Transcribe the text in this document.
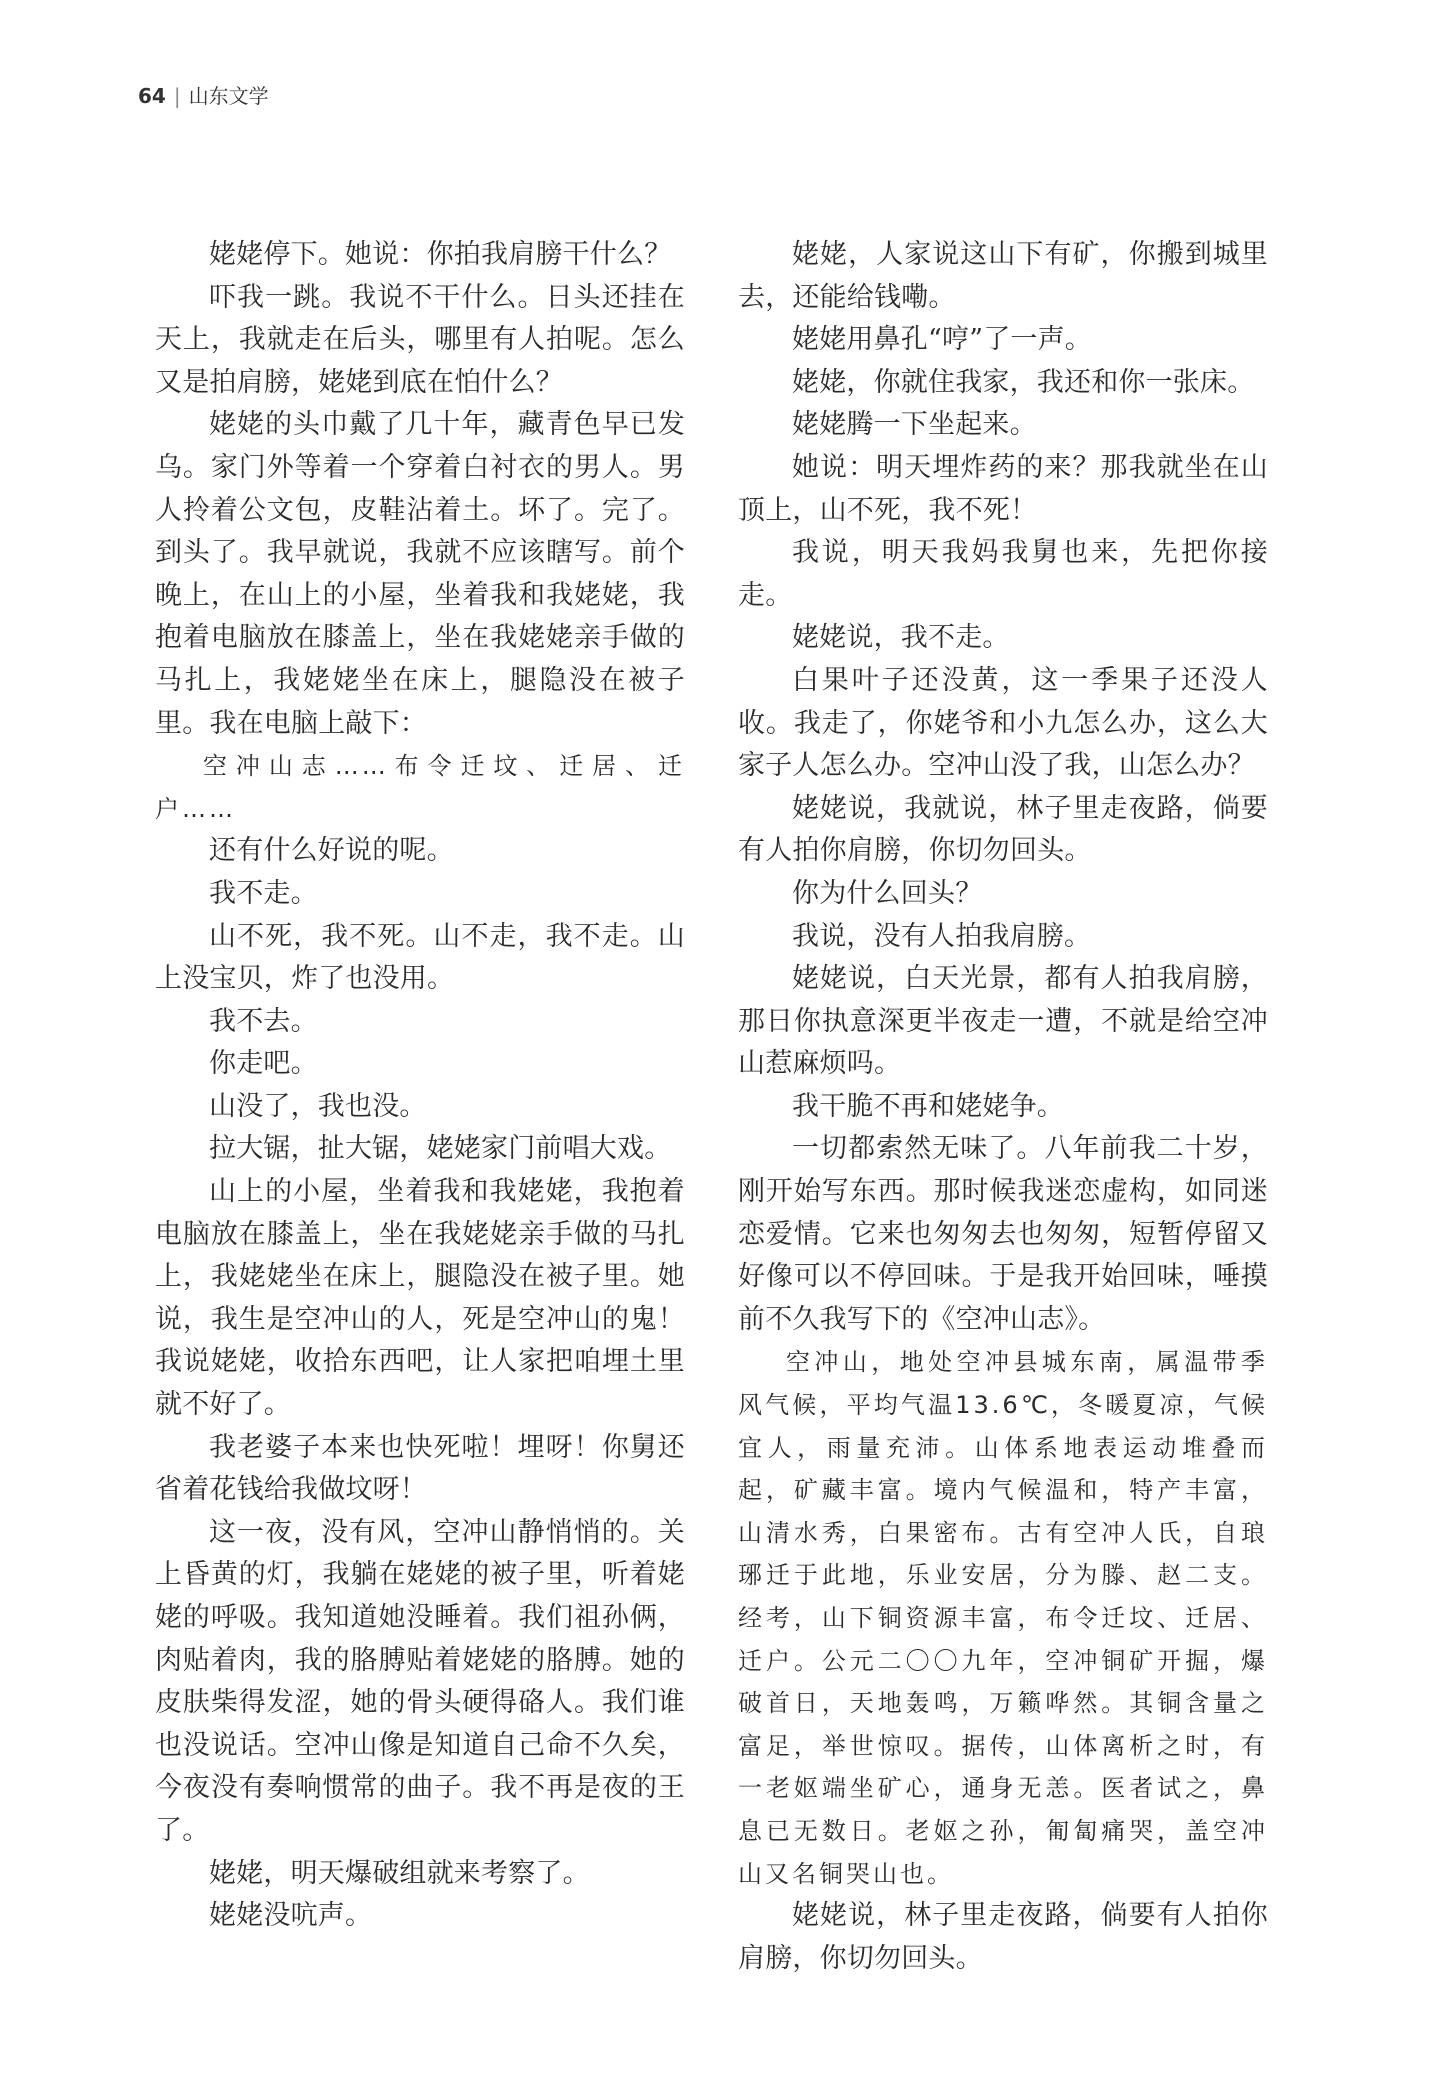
64 | 山东文学

姥姥停下。她说：你拍我肩膀干什么？

吓我一跳。我说不干什么。日头还挂在天上，我就走在后头，哪里有人拍呢。怎么又是拍肩膀，姥姥到底在怕什么？

姥姥的头巾戴了几十年，藏青色早已发乌。家门外等着一个穿着白衬衣的男人。男人拎着公文包，皮鞋沾着土。坏了。完了。到头了。我早就说，我就不应该瞎写。前个晚上，在山上的小屋，坐着我和我姥姥，我抱着电脑放在膝盖上，坐在我姥姥亲手做的马扎上，我姥姥坐在床上，腿隐没在被子里。我在电脑上敲下：

空冲山志……布令迁坟、迁居、迁户……

还有什么好说的呢。

我不走。

山不死，我不死。山不走，我不走。山上没宝贝，炸了也没用。

我不去。

你走吧。

山没了，我也没。

拉大锯，扯大锯，姥姥家门前唱大戏。

山上的小屋，坐着我和我姥姥，我抱着电脑放在膝盖上，坐在我姥姥亲手做的马扎上，我姥姥坐在床上，腿隐没在被子里。她说，我生是空冲山的人，死是空冲山的鬼！我说姥姥，收拾东西吧，让人家把咱埋土里就不好了。

我老婆子本来也快死啦！埋呀！你舅还省着花钱给我做坟呀！

这一夜，没有风，空冲山静悄悄的。关上昏黄的灯，我躺在姥姥的被子里，听着姥姥的呼吸。我知道她没睡着。我们祖孙俩，肉贴着肉，我的胳膊贴着姥姥的胳膊。她的皮肤柴得发涩，她的骨头硬得硌人。我们谁也没说话。空冲山像是知道自己命不久矣，今夜没有奏响惯常的曲子。我不再是夜的王了。

姥姥，明天爆破组就来考察了。

姥姥没吭声。

姥姥，人家说这山下有矿，你搬到城里去，还能给钱嘞。

姥姥用鼻孔“哼”了一声。

姥姥，你就住我家，我还和你一张床。

姥姥腾一下坐起来。

她说：明天埋炸药的来？那我就坐在山顶上，山不死，我不死！

我说，明天我妈我舅也来，先把你接走。

姥姥说，我不走。

白果叶子还没黄，这一季果子还没人收。我走了，你姥爷和小九怎么办，这么大家子人怎么办。空冲山没了我，山怎么办？

姥姥说，我就说，林子里走夜路，倘要有人拍你肩膀，你切勿回头。

你为什么回头？

我说，没有人拍我肩膀。

姥姥说，白天光景，都有人拍我肩膀，那日你执意深更半夜走一遭，不就是给空冲山惹麻烦吗。

我干脆不再和姥姥争。

一切都索然无味了。八年前我二十岁，刚开始写东西。那时候我迷恋虚构，如同迷恋爱情。它来也匆匆去也匆匆，短暂停留又好像可以不停回味。于是我开始回味，唾摸前不久我写下的《空冲山志》。

空冲山，地处空冲县城东南，属温带季风气候，平均气温13.6℃，冬暖夏凉，气候宜人，雨量充沛。山体系地表运动堆叠而起，矿藏丰富。境内气候温和，特产丰富，山清水秀，白果密布。古有空冲人氏，自琅琊迁于此地，乐业安居，分为滕、赵二支。经考，山下铜资源丰富，布令迁坟、迁居、迁户。公元二〇〇九年，空冲铜矿开掘，爆破首日，天地轰鸣，万籁哗然。其铜含量之富足，举世惊叹。据传，山体离析之时，有一老妪端坐矿心，通身无恙。医者试之，鼻息已无数日。老妪之孙，匍匐痛哭，盖空冲山又名铜哭山也。

姥姥说，林子里走夜路，倘要有人拍你肩膀，你切勿回头。
